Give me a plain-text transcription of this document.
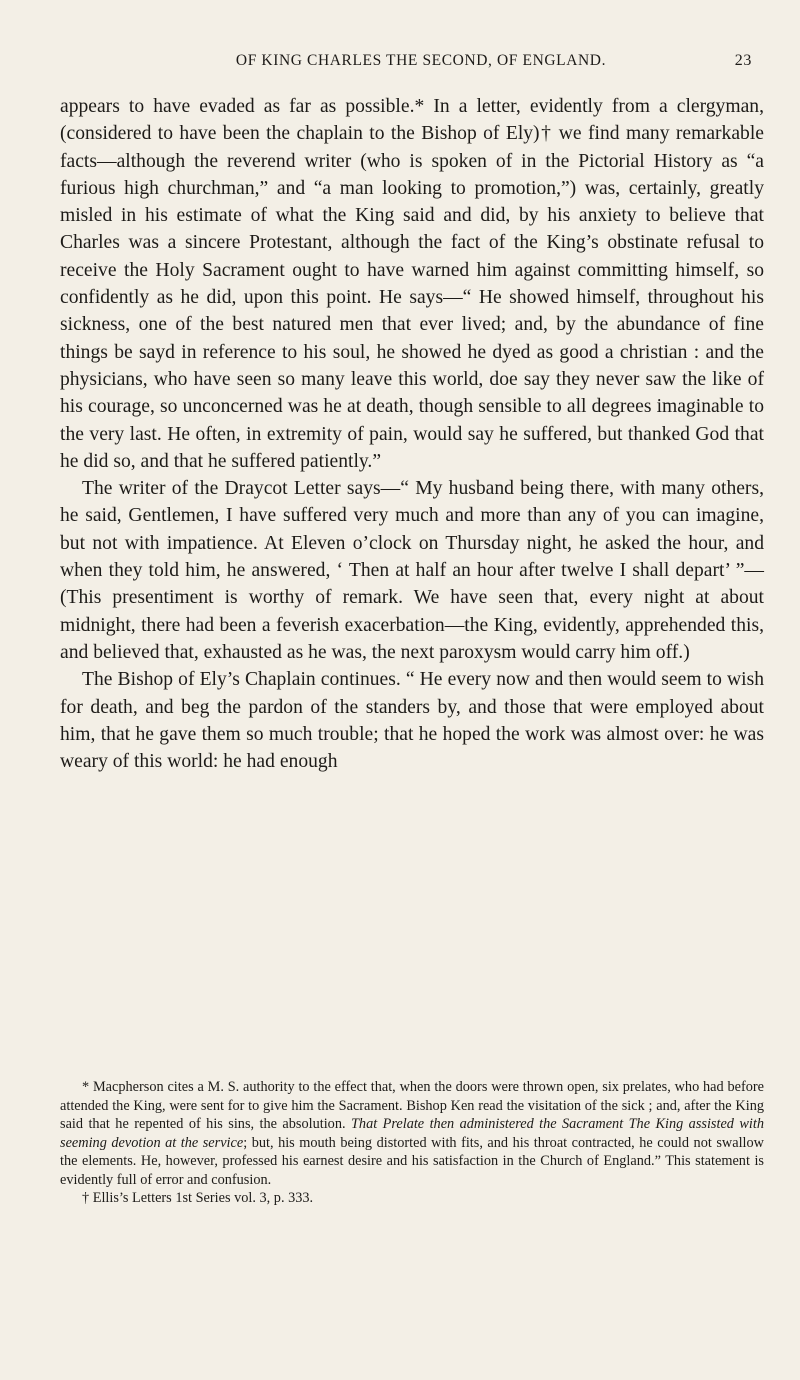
OF KING CHARLES THE SECOND, OF ENGLAND.	23

appears to have evaded as far as possible.* In a letter, evidently from a clergyman, (considered to have been the chaplain to the Bishop of Ely)† we find many remarkable facts—although the reverend writer (who is spoken of in the Pictorial History as “a furious high churchman,” and “a man looking to promotion,”) was, certainly, greatly misled in his estimate of what the King said and did, by his anxiety to believe that Charles was a sincere Protestant, although the fact of the King’s obstinate refusal to receive the Holy Sacrament ought to have warned him against committing himself, so confidently as he did, upon this point. He says—“ He showed himself, throughout his sickness, one of the best natured men that ever lived; and, by the abundance of fine things be sayd in reference to his soul, he showed he dyed as good a christian : and the physicians, who have seen so many leave this world, doe say they never saw the like of his courage, so unconcerned was he at death, though sensible to all degrees imaginable to the very last. He often, in extremity of pain, would say he suffered, but thanked God that he did so, and that he suffered patiently.”

The writer of the Draycot Letter says—“ My husband being there, with many others, he said, Gentlemen, I have suffered very much and more than any of you can imagine, but not with impatience. At Eleven o’clock on Thursday night, he asked the hour, and when they told him, he answered, ‘ Then at half an hour after twelve I shall depart’ ”—(This presentiment is worthy of remark. We have seen that, every night at about midnight, there had been a feverish exacerbation—the King, evidently, apprehended this, and believed that, exhausted as he was, the next paroxysm would carry him off.)

The Bishop of Ely’s Chaplain continues. “ He every now and then would seem to wish for death, and beg the pardon of the standers by, and those that were employed about him, that he gave them so much trouble; that he hoped the work was almost over: he was weary of this world: he had enough

* Macpherson cites a M. S. authority to the effect that, when the doors were thrown open, six prelates, who had before attended the King, were sent for to give him the Sacrament. Bishop Ken read the visitation of the sick ; and, after the King said that he repented of his sins, the absolution. That Prelate then administered the Sacrament The King assisted with seeming devotion at the service; but, his mouth being distorted with fits, and his throat contracted, he could not swallow the elements. He, however, professed his earnest desire and his satisfaction in the Church of England.” This statement is evidently full of error and confusion.

† Ellis’s Letters 1st Series vol. 3, p. 333.
